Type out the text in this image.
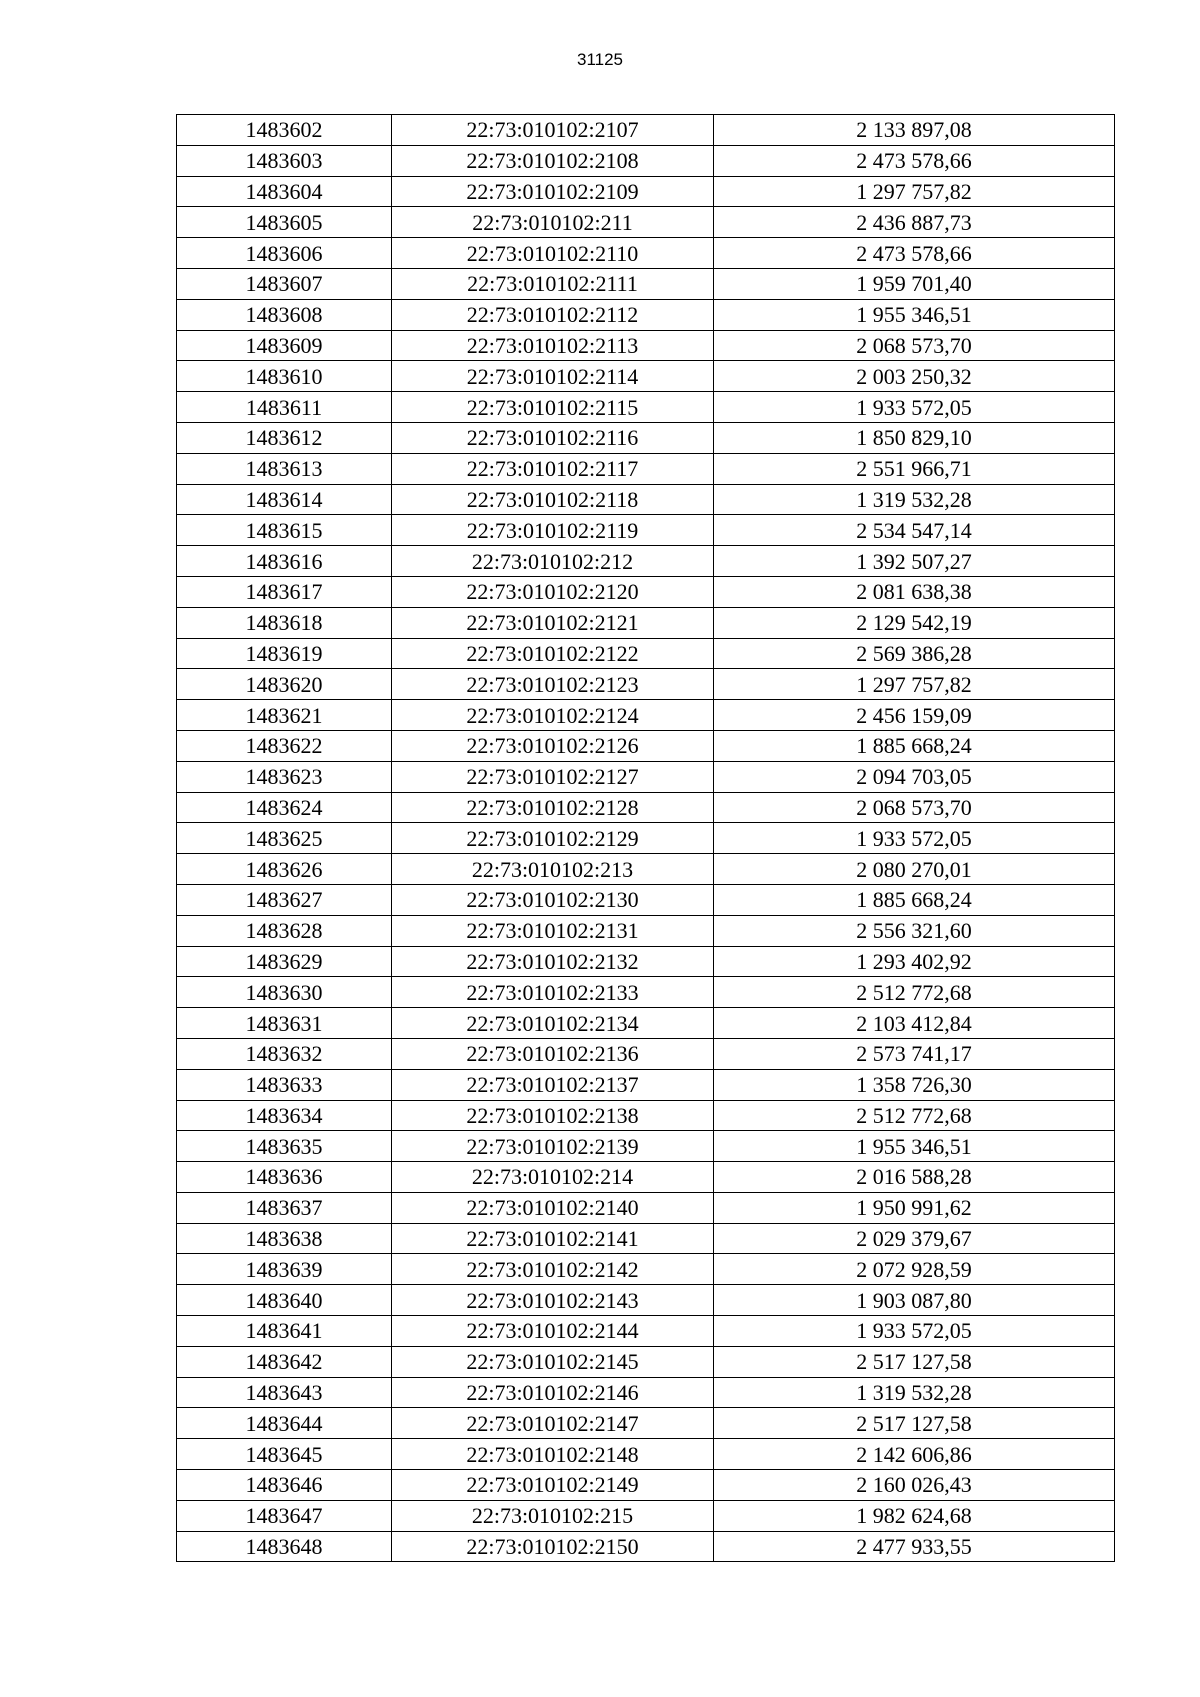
31125
1483602	22:73:010102:2107	2 133 897,08
1483603	22:73:010102:2108	2 473 578,66
1483604	22:73:010102:2109	1 297 757,82
1483605	22:73:010102:211	2 436 887,73
1483606	22:73:010102:2110	2 473 578,66
1483607	22:73:010102:2111	1 959 701,40
1483608	22:73:010102:2112	1 955 346,51
1483609	22:73:010102:2113	2 068 573,70
1483610	22:73:010102:2114	2 003 250,32
1483611	22:73:010102:2115	1 933 572,05
1483612	22:73:010102:2116	1 850 829,10
1483613	22:73:010102:2117	2 551 966,71
1483614	22:73:010102:2118	1 319 532,28
1483615	22:73:010102:2119	2 534 547,14
1483616	22:73:010102:212	1 392 507,27
1483617	22:73:010102:2120	2 081 638,38
1483618	22:73:010102:2121	2 129 542,19
1483619	22:73:010102:2122	2 569 386,28
1483620	22:73:010102:2123	1 297 757,82
1483621	22:73:010102:2124	2 456 159,09
1483622	22:73:010102:2126	1 885 668,24
1483623	22:73:010102:2127	2 094 703,05
1483624	22:73:010102:2128	2 068 573,70
1483625	22:73:010102:2129	1 933 572,05
1483626	22:73:010102:213	2 080 270,01
1483627	22:73:010102:2130	1 885 668,24
1483628	22:73:010102:2131	2 556 321,60
1483629	22:73:010102:2132	1 293 402,92
1483630	22:73:010102:2133	2 512 772,68
1483631	22:73:010102:2134	2 103 412,84
1483632	22:73:010102:2136	2 573 741,17
1483633	22:73:010102:2137	1 358 726,30
1483634	22:73:010102:2138	2 512 772,68
1483635	22:73:010102:2139	1 955 346,51
1483636	22:73:010102:214	2 016 588,28
1483637	22:73:010102:2140	1 950 991,62
1483638	22:73:010102:2141	2 029 379,67
1483639	22:73:010102:2142	2 072 928,59
1483640	22:73:010102:2143	1 903 087,80
1483641	22:73:010102:2144	1 933 572,05
1483642	22:73:010102:2145	2 517 127,58
1483643	22:73:010102:2146	1 319 532,28
1483644	22:73:010102:2147	2 517 127,58
1483645	22:73:010102:2148	2 142 606,86
1483646	22:73:010102:2149	2 160 026,43
1483647	22:73:010102:215	1 982 624,68
1483648	22:73:010102:2150	2 477 933,55
